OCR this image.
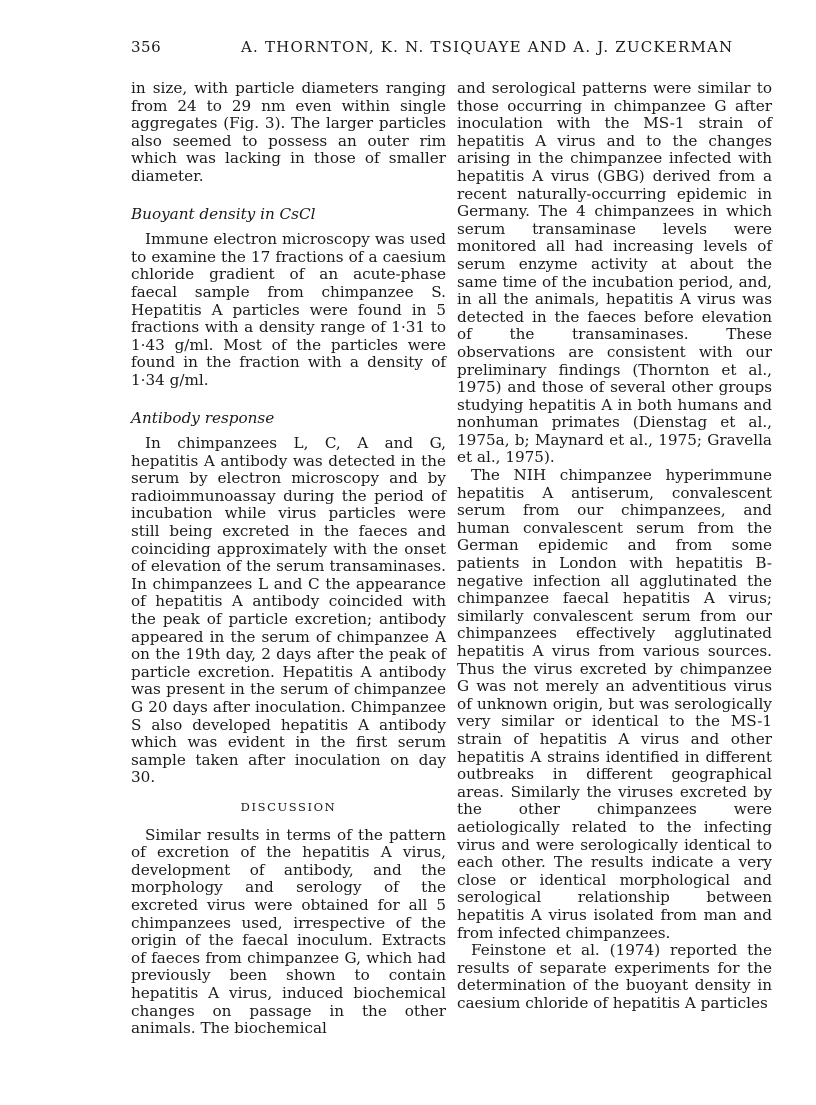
356	A. THORNTON, K. N. TSIQUAYE AND A. J. ZUCKERMAN

in size, with particle diameters ranging from 24 to 29 nm even within single aggregates (Fig. 3). The larger particles also seemed to possess an outer rim which was lacking in those of smaller diameter.

Buoyant density in CsCl

Immune electron microscopy was used to examine the 17 fractions of a caesium chloride gradient of an acute-phase faecal sample from chimpanzee S. Hepatitis A particles were found in 5 fractions with a density range of 1·31 to 1·43 g/ml. Most of the particles were found in the fraction with a density of 1·34 g/ml.

Antibody response

In chimpanzees L, C, A and G, hepatitis A antibody was detected in the serum by electron microscopy and by radioimmunoassay during the period of incubation while virus particles were still being excreted in the faeces and coinciding approximately with the onset of elevation of the serum transaminases. In chimpanzees L and C the appearance of hepatitis A antibody coincided with the peak of particle excretion; antibody appeared in the serum of chimpanzee A on the 19th day, 2 days after the peak of particle excretion. Hepatitis A antibody was present in the serum of chimpanzee G 20 days after inoculation. Chimpanzee S also developed hepatitis A antibody which was evident in the first serum sample taken after inoculation on day 30.

DISCUSSION

Similar results in terms of the pattern of excretion of the hepatitis A virus, development of antibody, and the morphology and serology of the excreted virus were obtained for all 5 chimpanzees used, irrespective of the origin of the faecal inoculum. Extracts of faeces from chimpanzee G, which had previously been shown to contain hepatitis A virus, induced biochemical changes on passage in the other animals. The biochemical

and serological patterns were similar to those occurring in chimpanzee G after inoculation with the MS-1 strain of hepatitis A virus and to the changes arising in the chimpanzee infected with hepatitis A virus (GBG) derived from a recent naturally-occurring epidemic in Germany. The 4 chimpanzees in which serum transaminase levels were monitored all had increasing levels of serum enzyme activity at about the same time of the incubation period, and, in all the animals, hepatitis A virus was detected in the faeces before elevation of the transaminases. These observations are consistent with our preliminary findings (Thornton et al., 1975) and those of several other groups studying hepatitis A in both humans and nonhuman primates (Dienstag et al., 1975a, b; Maynard et al., 1975; Gravella et al., 1975).

The NIH chimpanzee hyperimmune hepatitis A antiserum, convalescent serum from our chimpanzees, and human convalescent serum from the German epidemic and from some patients in London with hepatitis B-negative infection all agglutinated the chimpanzee faecal hepatitis A virus; similarly convalescent serum from our chimpanzees effectively agglutinated hepatitis A virus from various sources. Thus the virus excreted by chimpanzee G was not merely an adventitious virus of unknown origin, but was serologically very similar or identical to the MS-1 strain of hepatitis A virus and other hepatitis A strains identified in different outbreaks in different geographical areas. Similarly the viruses excreted by the other chimpanzees were aetiologically related to the infecting virus and were serologically identical to each other. The results indicate a very close or identical morphological and serological relationship between hepatitis A virus isolated from man and from infected chimpanzees.

Feinstone et al. (1974) reported the results of separate experiments for the determination of the buoyant density in caesium chloride of hepatitis A particles
